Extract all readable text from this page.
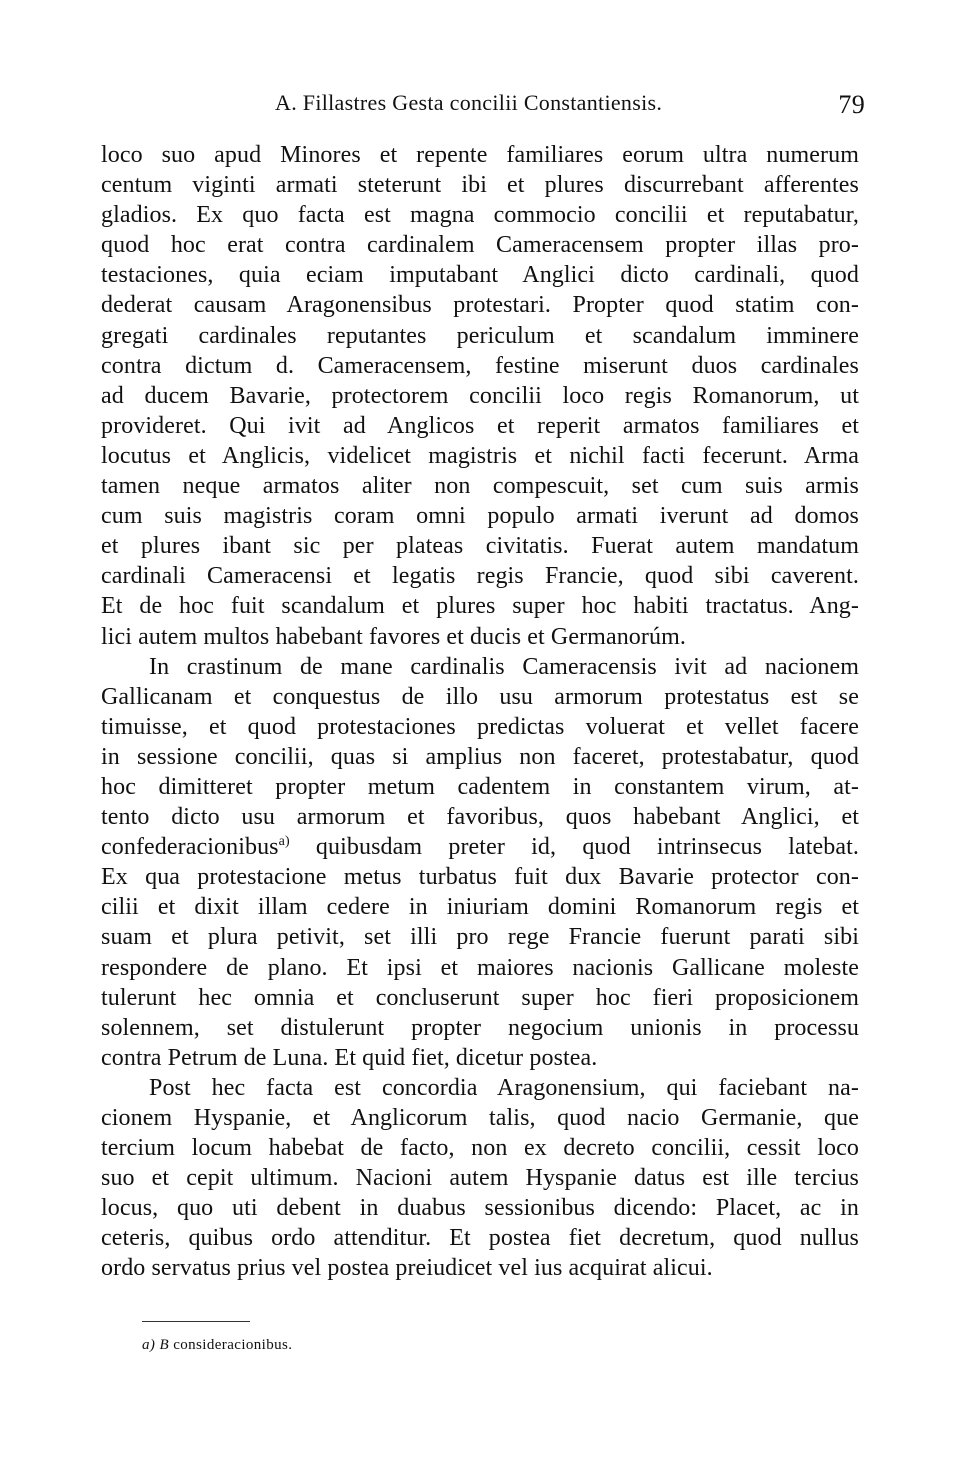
A. Fillastres Gesta concilii Constantiensis.	79
loco suo apud Minores et repente familiares eorum ultra numerum
centum viginti armati steterunt ibi et plures discurrebant afferentes
gladios. Ex quo facta est magna commocio concilii et reputabatur,
quod hoc erat contra cardinalem Cameracensem propter illas pro-
testaciones, quia eciam imputabant Anglici dicto cardinali, quod
dederat causam Aragonensibus protestari. Propter quod statim con-
gregati cardinales reputantes periculum et scandalum imminere
contra dictum d. Cameracensem, festine miserunt duos cardinales
ad ducem Bavarie, protectorem concilii loco regis Romanorum, ut
provideret. Qui ivit ad Anglicos et reperit armatos familiares et
locutus et Anglicis, videlicet magistris et nichil facti fecerunt. Arma
tamen neque armatos aliter non compescuit, set cum suis armis
cum suis magistris coram omni populo armati iverunt ad domos
et plures ibant sic per plateas civitatis. Fuerat autem mandatum
cardinali Cameracensi et legatis regis Francie, quod sibi caverent.
Et de hoc fuit scandalum et plures super hoc habiti tractatus. Ang-
lici autem multos habebant favores et ducis et Germanorúm.
In crastinum de mane cardinalis Cameracensis ivit ad nacionem
Gallicanam et conquestus de illo usu armorum protestatus est se
timuisse, et quod protestaciones predictas voluerat et vellet facere
in sessione concilii, quas si amplius non faceret, protestabatur, quod
hoc dimitteret propter metum cadentem in constantem virum, at-
tento dicto usu armorum et favoribus, quos habebant Anglici, et
confederacionibus$^{a)}$ quibusdam preter id, quod intrinsecus latebat.
Ex qua protestacione metus turbatus fuit dux Bavarie protector con-
cilii et dixit illam cedere in iniuriam domini Romanorum regis et
suam et plura petivit, set illi pro rege Francie fuerunt parati sibi
respondere de plano. Et ipsi et maiores nacionis Gallicane moleste
tulerunt hec omnia et concluserunt super hoc fieri proposicionem
solennem, set distulerunt propter negocium unionis in processu
contra Petrum de Luna. Et quid fiet, dicetur postea.
Post hec facta est concordia Aragonensium, qui faciebant na-
cionem Hyspanie, et Anglicorum talis, quod nacio Germanie, que
tercium locum habebat de facto, non ex decreto concilii, cessit loco
suo et cepit ultimum. Nacioni autem Hyspanie datus est ille tercius
locus, quo uti debent in duabus sessionibus dicendo: Placet, ac in
ceteris, quibus ordo attenditur. Et postea fiet decretum, quod nullus
ordo servatus prius vel postea preiudicet vel ius acquirat alicui.
a) B consideracionibus.
